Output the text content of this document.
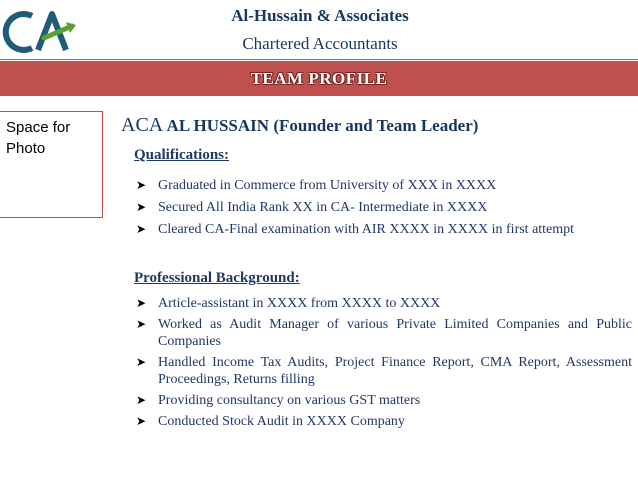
Al-Hussain & Associates
Chartered Accountants
TEAM PROFILE
Space for
Photo
ACA AL HUSSAIN (Founder and Team Leader)
Qualifications:
➤ Graduated in Commerce from University of XXX in XXXX
➤ Secured All India Rank XX in CA- Intermediate in XXXX
➤ Cleared CA-Final examination with AIR XXXX in XXXX in first attempt
Professional Background:
➤ Article-assistant in XXXX from XXXX to XXXX
➤ Worked as Audit Manager of various Private Limited Companies and Public Companies
➤ Handled Income Tax Audits, Project Finance Report, CMA Report, Assessment Proceedings, Returns filling
➤ Providing consultancy on various GST matters
➤ Conducted Stock Audit in XXXX Company
